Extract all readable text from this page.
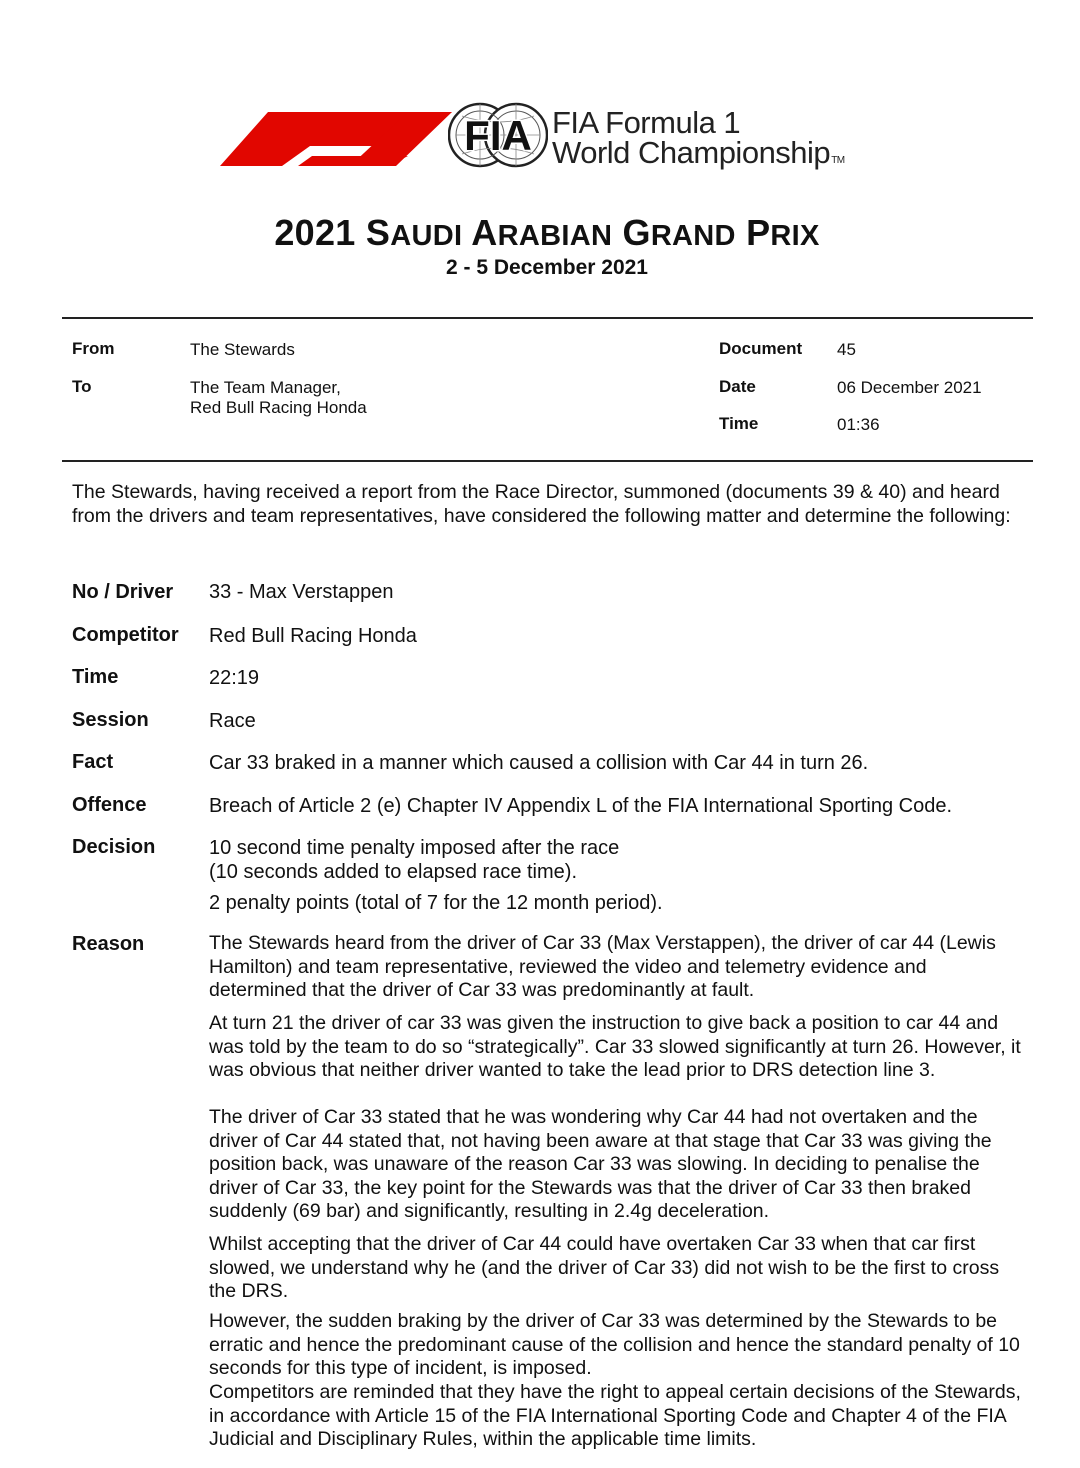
FIA FIA Formula 1
World ChampionshipTM
2021 SAUDI ARABIAN GRAND PRIX
2 - 5 December 2021
From	The Stewards
To	The Team Manager,
Red Bull Racing Honda
Document 45
Date	06 December 2021
Time	01:36
The Stewards, having received a report from the Race Director, summoned (documents 39 & 40) and heard from the drivers and team representatives, have considered the following matter and determine the following:
No / Driver 33 - Max Verstappen
Competitor Red Bull Racing Honda
Time	22:19
Session	Race
Fact	Car 33 braked in a manner which caused a collision with Car 44 in turn 26.
Offence	Breach of Article 2 (e) Chapter IV Appendix L of the FIA International Sporting Code.
Decision	10 second time penalty imposed after the race
(10 seconds added to elapsed race time).
2 penalty points (total of 7 for the 12 month period).
Reason	The Stewards heard from the driver of Car 33 (Max Verstappen), the driver of car 44 (Lewis Hamilton) and team representative, reviewed the video and telemetry evidence and determined that the driver of Car 33 was predominantly at fault.
At turn 21 the driver of car 33 was given the instruction to give back a position to car 44 and was told by the team to do so “strategically”. Car 33 slowed significantly at turn 26. However, it was obvious that neither driver wanted to take the lead prior to DRS detection line 3.
The driver of Car 33 stated that he was wondering why Car 44 had not overtaken and the driver of Car 44 stated that, not having been aware at that stage that Car 33 was giving the position back, was unaware of the reason Car 33 was slowing. In deciding to penalise the driver of Car 33, the key point for the Stewards was that the driver of Car 33 then braked suddenly (69 bar) and significantly, resulting in 2.4g deceleration.
Whilst accepting that the driver of Car 44 could have overtaken Car 33 when that car first slowed, we understand why he (and the driver of Car 33) did not wish to be the first to cross the DRS.
However, the sudden braking by the driver of Car 33 was determined by the Stewards to be erratic and hence the predominant cause of the collision and hence the standard penalty of 10 seconds for this type of incident, is imposed.
Competitors are reminded that they have the right to appeal certain decisions of the Stewards, in accordance with Article 15 of the FIA International Sporting Code and Chapter 4 of the FIA Judicial and Disciplinary Rules, within the applicable time limits.
